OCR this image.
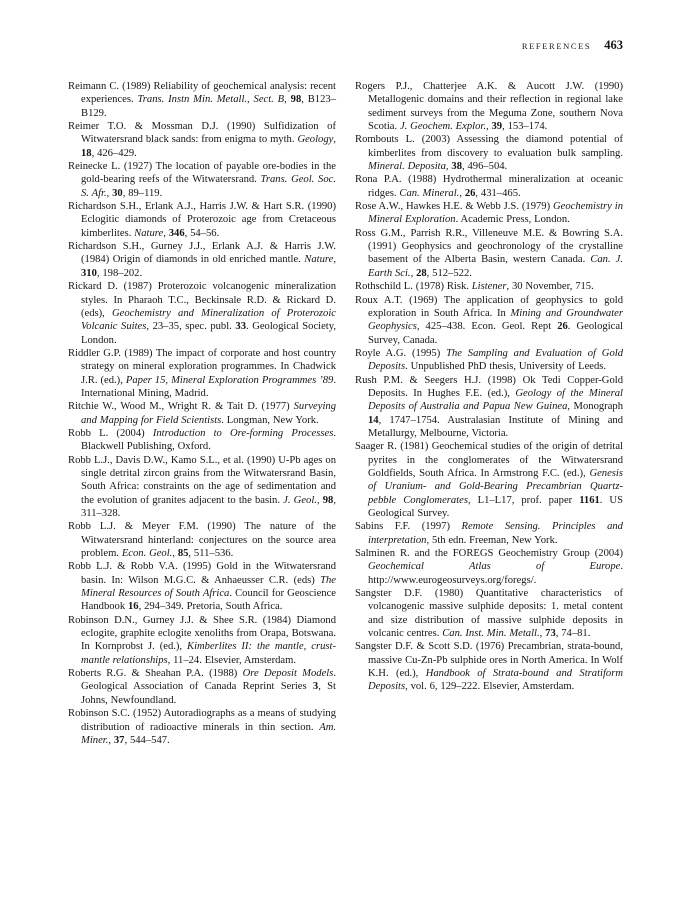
REFERENCES 463

Reimann C. (1989) Reliability of geochemical analysis: recent experiences. Trans. Instn Min. Metall., Sect. B, 98, B123–B129.

Reimer T.O. & Mossman D.J. (1990) Sulfidization of Witwatersrand black sands: from enigma to myth. Geology, 18, 426–429.

Reinecke L. (1927) The location of payable ore-bodies in the gold-bearing reefs of the Witwatersrand. Trans. Geol. Soc. S. Afr., 30, 89–119.

Richardson S.H., Erlank A.J., Harris J.W. & Hart S.R. (1990) Eclogitic diamonds of Proterozoic age from Cretaceous kimberlites. Nature, 346, 54–56.

Richardson S.H., Gurney J.J., Erlank A.J. & Harris J.W. (1984) Origin of diamonds in old enriched mantle. Nature, 310, 198–202.

Rickard D. (1987) Proterozoic volcanogenic mineralization styles. In Pharaoh T.C., Beckinsale R.D. & Rickard D. (eds), Geochemistry and Mineralization of Proterozoic Volcanic Suites, 23–35, spec. publ. 33. Geological Society, London.

Riddler G.P. (1989) The impact of corporate and host country strategy on mineral exploration programmes. In Chadwick J.R. (ed.), Paper 15, Mineral Exploration Programmes ’89. International Mining, Madrid.

Ritchie W., Wood M., Wright R. & Tait D. (1977) Surveying and Mapping for Field Scientists. Longman, New York.

Robb L. (2004) Introduction to Ore-forming Processes. Blackwell Publishing, Oxford.

Robb L.J., Davis D.W., Kamo S.L., et al. (1990) U-Pb ages on single detrital zircon grains from the Witwatersrand Basin, South Africa: constraints on the age of sedimentation and the evolution of granites adjacent to the basin. J. Geol., 98, 311–328.

Robb L.J. & Meyer F.M. (1990) The nature of the Witwatersrand hinterland: conjectures on the source area problem. Econ. Geol., 85, 511–536.

Robb L.J. & Robb V.A. (1995) Gold in the Witwatersrand basin. In: Wilson M.G.C. & Anhaeusser C.R. (eds) The Mineral Resources of South Africa. Council for Geoscience Handbook 16, 294–349. Pretoria, South Africa.

Robinson D.N., Gurney J.J. & Shee S.R. (1984) Diamond eclogite, graphite eclogite xenoliths from Orapa, Botswana. In Kornprobst J. (ed.), Kimberlites II: the mantle, crust-mantle relationships, 11–24. Elsevier, Amsterdam.

Roberts R.G. & Sheahan P.A. (1988) Ore Deposit Models. Geological Association of Canada Reprint Series 3, St Johns, Newfoundland.

Robinson S.C. (1952) Autoradiographs as a means of studying distribution of radioactive minerals in thin section. Am. Miner., 37, 544–547.

Rogers P.J., Chatterjee A.K. & Aucott J.W. (1990) Metallogenic domains and their reflection in regional lake sediment surveys from the Meguma Zone, southern Nova Scotia. J. Geochem. Explor., 39, 153–174.

Rombouts L. (2003) Assessing the diamond potential of kimberlites from discovery to evaluation bulk sampling. Mineral. Deposita, 38, 496–504.

Rona P.A. (1988) Hydrothermal mineralization at oceanic ridges. Can. Mineral., 26, 431–465.

Rose A.W., Hawkes H.E. & Webb J.S. (1979) Geochemistry in Mineral Exploration. Academic Press, London.

Ross G.M., Parrish R.R., Villeneuve M.E. & Bowring S.A. (1991) Geophysics and geochronology of the crystalline basement of the Alberta Basin, western Canada. Can. J. Earth Sci., 28, 512–522.

Rothschild L. (1978) Risk. Listener, 30 November, 715.

Roux A.T. (1969) The application of geophysics to gold exploration in South Africa. In Mining and Groundwater Geophysics, 425–438. Econ. Geol. Rept 26. Geological Survey, Canada.

Royle A.G. (1995) The Sampling and Evaluation of Gold Deposits. Unpublished PhD thesis, University of Leeds.

Rush P.M. & Seegers H.J. (1998) Ok Tedi Copper-Gold Deposits. In Hughes F.E. (ed.), Geology of the Mineral Deposits of Australia and Papua New Guinea, Monograph 14, 1747–1754. Australasian Institute of Mining and Metallurgy, Melbourne, Victoria.

Saager R. (1981) Geochemical studies of the origin of detrital pyrites in the conglomerates of the Witwatersrand Goldfields, South Africa. In Armstrong F.C. (ed.), Genesis of Uranium- and Gold-Bearing Precambrian Quartz-pebble Conglomerates, L1–L17, prof. paper 1161. US Geological Survey.

Sabins F.F. (1997) Remote Sensing. Principles and interpretation, 5th edn. Freeman, New York.

Salminen R. and the FOREGS Geochemistry Group (2004) Geochemical Atlas of Europe. http://www.eurogeosurveys.org/foregs/.

Sangster D.F. (1980) Quantitative characteristics of volcanogenic massive sulphide deposits: 1. metal content and size distribution of massive sulphide deposits in volcanic centres. Can. Inst. Min. Metall., 73, 74–81.

Sangster D.F. & Scott S.D. (1976) Precambrian, strata-bound, massive Cu-Zn-Pb sulphide ores in North America. In Wolf K.H. (ed.), Handbook of Strata-bound and Stratiform Deposits, vol. 6, 129–222. Elsevier, Amsterdam.
